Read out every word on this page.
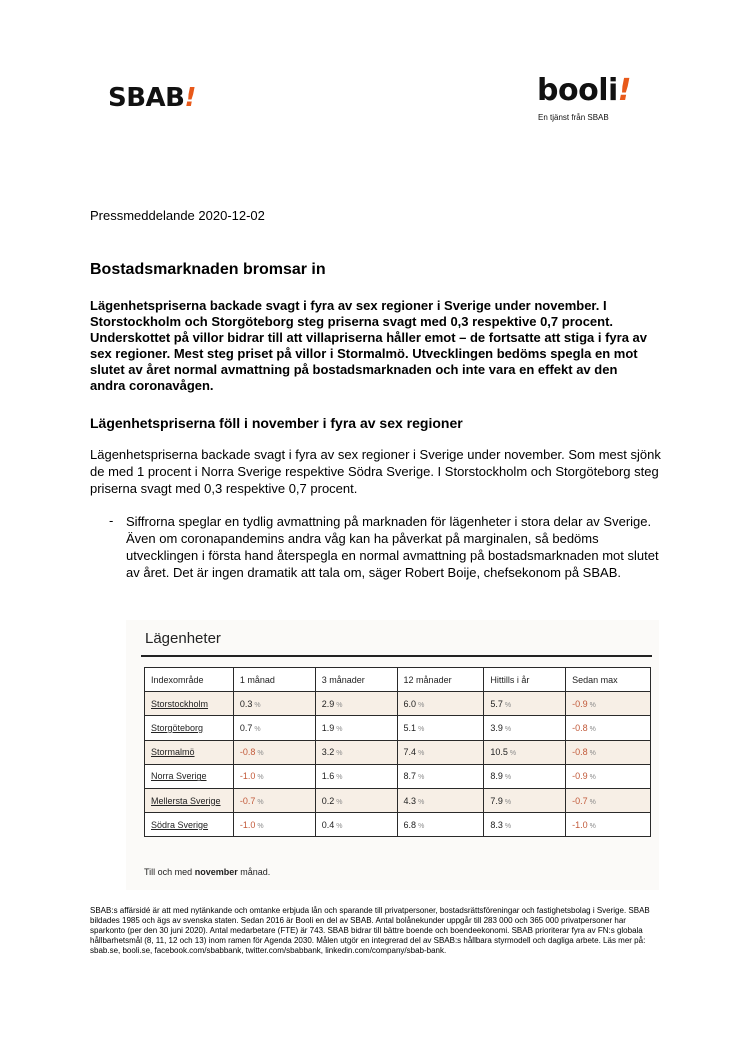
SBAB!	booli!
En tjänst från SBAB
Pressmeddelande 2020-12-02
Bostadsmarknaden bromsar in
Lägenhetspriserna backade svagt i fyra av sex regioner i Sverige under november. I Storstockholm och Storgöteborg steg priserna svagt med 0,3 respektive 0,7 procent. Underskottet på villor bidrar till att villapriserna håller emot – de fortsatte att stiga i fyra av sex regioner. Mest steg priset på villor i Stormalmö. Utvecklingen bedöms spegla en mot slutet av året normal avmattning på bostadsmarknaden och inte vara en effekt av den andra coronavågen.
Lägenhetspriserna föll i november i fyra av sex regioner
Lägenhetspriserna backade svagt i fyra av sex regioner i Sverige under november. Som mest sjönk de med 1 procent i Norra Sverige respektive Södra Sverige. I Storstockholm och Storgöteborg steg priserna svagt med 0,3 respektive 0,7 procent.
- Siffrorna speglar en tydlig avmattning på marknaden för lägenheter i stora delar av Sverige. Även om coronapandemins andra våg kan ha påverkat på marginalen, så bedöms utvecklingen i första hand återspegla en normal avmattning på bostadsmarknaden mot slutet av året. Det är ingen dramatik att tala om, säger Robert Boije, chefsekonom på SBAB.
Lägenheter
Indexområde	1 månad	3 månader	12 månader	Hittills i år	Sedan max
Storstockholm	0.3 %	2.9 %	6.0 %	5.7 %	-0.9 %
Storgöteborg	0.7 %	1.9 %	5.1 %	3.9 %	-0.8 %
Stormalmö	-0.8 %	3.2 %	7.4 %	10.5 %	-0.8 %
Norra Sverige	-1.0 %	1.6 %	8.7 %	8.9 %	-0.9 %
Mellersta Sverige	-0.7 %	0.2 %	4.3 %	7.9 %	-0.7 %
Södra Sverige	-1.0 %	0.4 %	6.8 %	8.3 %	-1.0 %
Till och med november månad.
SBAB:s affärsidé är att med nytänkande och omtanke erbjuda lån och sparande till privatpersoner, bostadsrättsföreningar och fastighetsbolag i Sverige. SBAB bildades 1985 och ägs av svenska staten. Sedan 2016 är Booli en del av SBAB. Antal bolånekunder uppgår till 283 000 och 365 000 privatpersoner har sparkonto (per den 30 juni 2020). Antal medarbetare (FTE) är 743. SBAB bidrar till bättre boende och boendeekonomi. SBAB prioriterar fyra av FN:s globala hållbarhetsmål (8, 11, 12 och 13) inom ramen för Agenda 2030. Målen utgör en integrerad del av SBAB:s hållbara styrmodell och dagliga arbete. Läs mer på: sbab.se, booli.se, facebook.com/sbabbank, twitter.com/sbabbank, linkedin.com/company/sbab-bank.
